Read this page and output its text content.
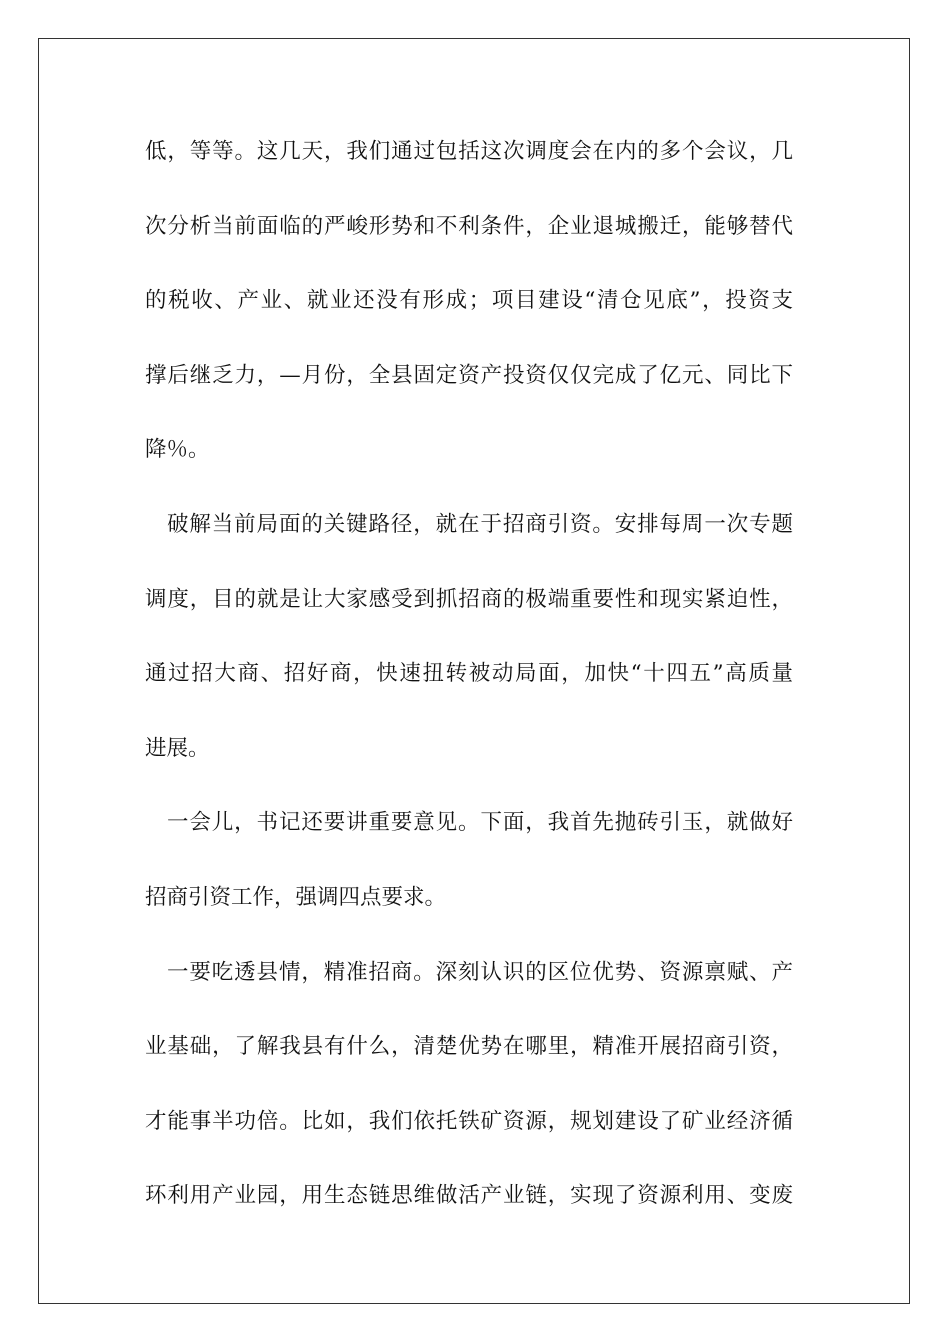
低，等等。这几天，我们通过包括这次调度会在内的多个会议，几

次分析当前面临的严峻形势和不利条件，企业退城搬迁，能够替代

的税收、产业、就业还没有形成；项目建设“清仓见底”，投资支

撑后继乏力，—月份，全县固定资产投资仅仅完成了亿元、同比下

降％。

破解当前局面的关键路径，就在于招商引资。安排每周一次专题

调度，目的就是让大家感受到抓招商的极端重要性和现实紧迫性，

通过招大商、招好商，快速扭转被动局面，加快“十四五”高质量

进展。

一会儿，书记还要讲重要意见。下面，我首先抛砖引玉，就做好

招商引资工作，强调四点要求。

一要吃透县情，精准招商。深刻认识的区位优势、资源禀赋、产

业基础，了解我县有什么，清楚优势在哪里，精准开展招商引资，

才能事半功倍。比如，我们依托铁矿资源，规划建设了矿业经济循

环利用产业园，用生态链思维做活产业链，实现了资源利用、变废
